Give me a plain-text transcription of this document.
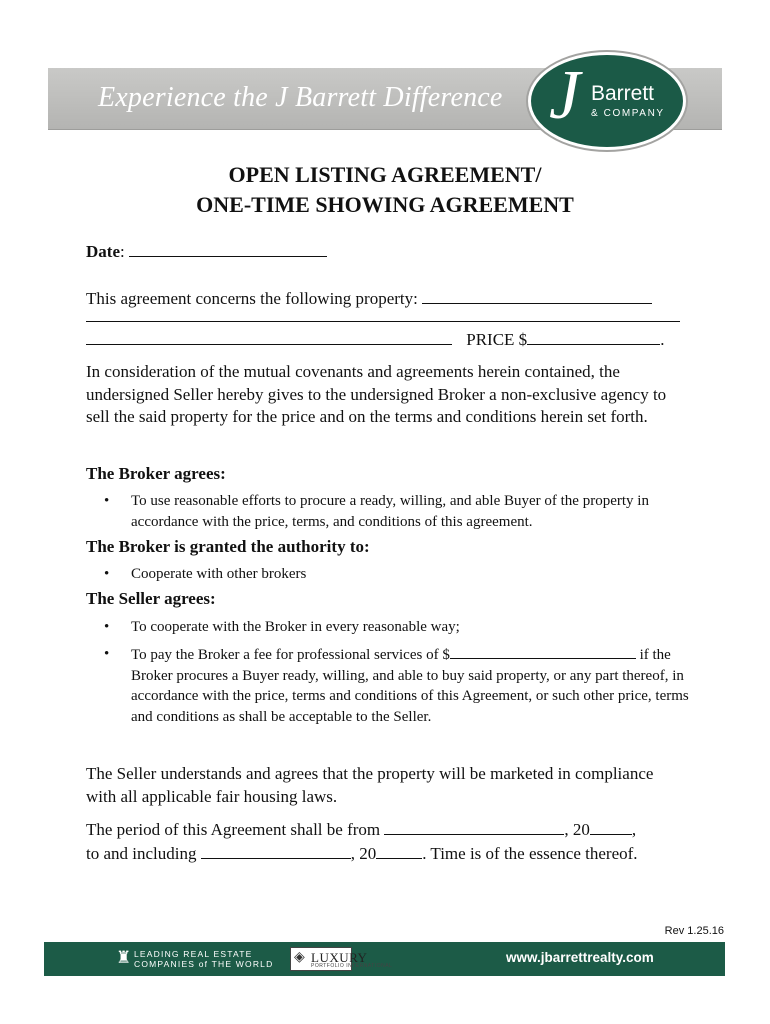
Experience the J Barrett Difference J Barrett
& COMPANY
OPEN LISTING AGREEMENT/
ONE-TIME SHOWING AGREEMENT
Date:
This agreement concerns the following property:
PRICE $	.
In consideration of the mutual covenants and agreements herein contained, the undersigned Seller hereby gives to the undersigned Broker a non-exclusive agency to sell the said property for the price and on the terms and conditions herein set forth.
The Broker agrees:
• To use reasonable efforts to procure a ready, willing, and able Buyer of the property in accordance with the price, terms, and conditions of this agreement.
The Broker is granted the authority to:
• Cooperate with other brokers
The Seller agrees:
• To cooperate with the Broker in every reasonable way;
• To pay the Broker a fee for professional services of $	if the Broker procures a Buyer ready, willing, and able to buy said property, or any part thereof, in accordance with the price, terms and conditions of this Agreement, or such other price, terms and conditions as shall be acceptable to the Seller.
The Seller understands and agrees that the property will be marketed in compliance with all applicable fair housing laws.
The period of this Agreement shall be from	, 20 ,
to and including	, 20	. Time is of the essence thereof.
Rev 1.25.16
♜ LEADING REAL ESTATE
COMPANIES of THE WORLD ◈ LUXURY
PORTFOLIO INTERNATIONAL
www.jbarrettrealty.com
